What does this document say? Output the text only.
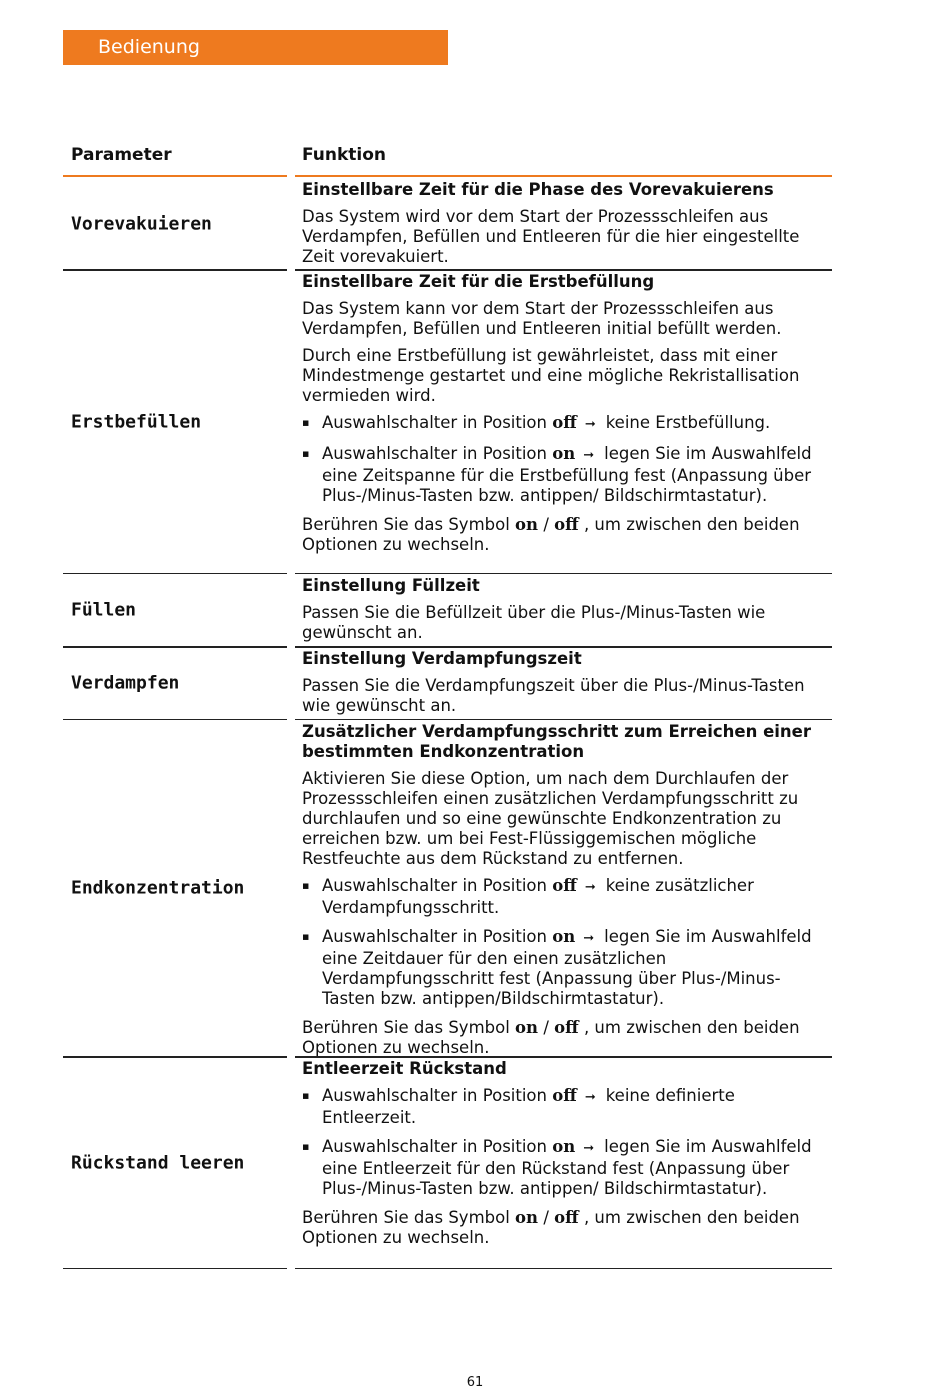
Bedienung
Parameter	Funktion
Vorevakuieren
Einstellbare Zeit für die Phase des Vorevakuierens

Das System wird vor dem Start der Prozessschleifen aus Verdampfen, Befüllen und Entleeren für die hier eingestellte Zeit vorevakuiert.

Erstbefüllen
Einstellbare Zeit für die Erstbefüllung

Das System kann vor dem Start der Prozessschleifen aus Verdampfen, Befüllen und Entleeren initial befüllt werden.

Durch eine Erstbefüllung ist gewährleistet, dass mit einer Mindestmenge gestartet und eine mögliche Rekristallisation vermieden wird.

▪ Auswahlschalter in Position off ➞ keine Erstbefüllung.
▪ Auswahlschalter in Position on ➞ legen Sie im Auswahlfeld eine Zeitspanne für die Erstbefüllung fest (Anpassung über Plus-/Minus-Tasten bzw. antippen/ Bildschirmtastatur).

Berühren Sie das Symbol on / off , um zwischen den beiden Optionen zu wechseln.

Füllen
Einstellung Füllzeit

Passen Sie die Befüllzeit über die Plus-/Minus-Tasten wie gewünscht an.

Verdampfen
Einstellung Verdampfungszeit

Passen Sie die Verdampfungszeit über die Plus-/Minus-Tasten wie gewünscht an.

Endkonzentration
Zusätzlicher Verdampfungsschritt zum Erreichen einer bestimmten Endkonzentration

Aktivieren Sie diese Option, um nach dem Durchlaufen der Prozessschleifen einen zusätzlichen Verdampfungsschritt zu durchlaufen und so eine gewünschte Endkonzentration zu erreichen bzw. um bei Fest-Flüssiggemischen mögliche Restfeuchte aus dem Rückstand zu entfernen.

▪ Auswahlschalter in Position off ➞ keine zusätzlicher Verdampfungsschritt.
▪ Auswahlschalter in Position on ➞ legen Sie im Auswahlfeld eine Zeitdauer für den einen zusätzlichen Verdampfungsschritt fest (Anpassung über Plus-/Minus-Tasten bzw. antippen/Bildschirmtastatur).

Berühren Sie das Symbol on / off , um zwischen den beiden Optionen zu wechseln.

Rückstand leeren
Entleerzeit Rückstand
▪ Auswahlschalter in Position off ➞ keine definierte Entleerzeit.
▪ Auswahlschalter in Position on ➞ legen Sie im Auswahlfeld eine Entleerzeit für den Rückstand fest (Anpassung über Plus-/Minus-Tasten bzw. antippen/ Bildschirmtastatur).

Berühren Sie das Symbol on / off , um zwischen den beiden Optionen zu wechseln.

61
